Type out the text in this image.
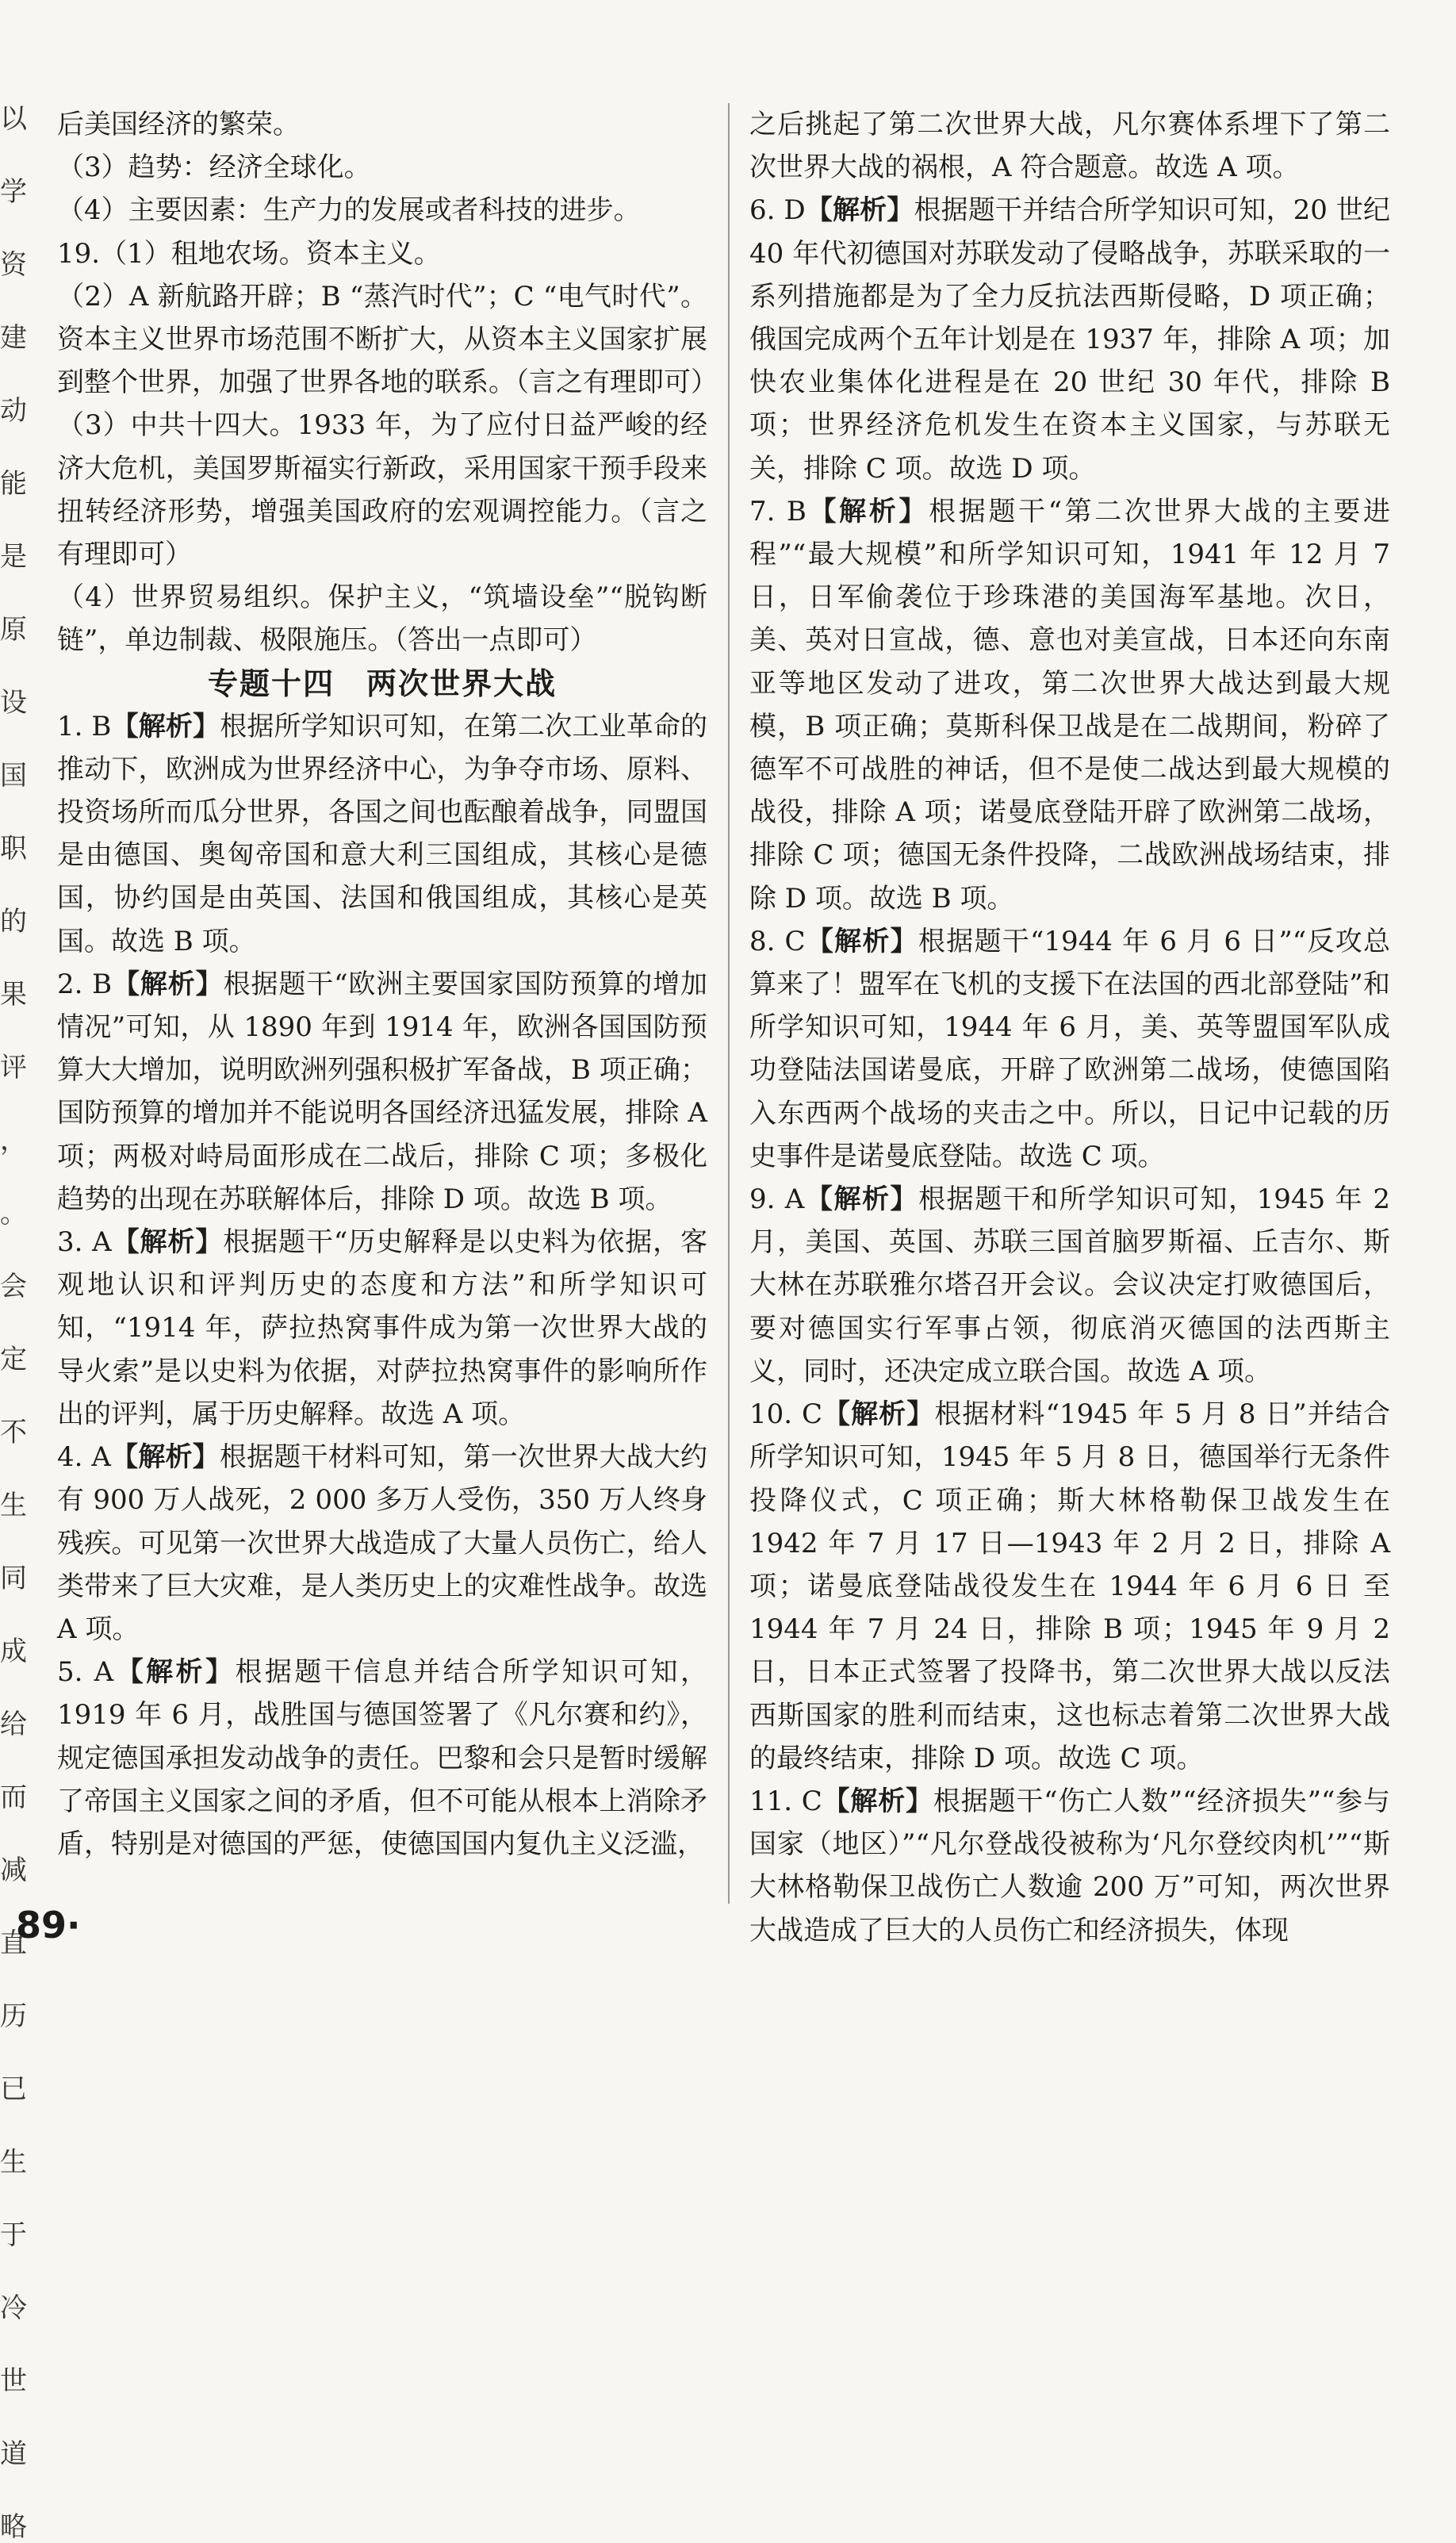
以
学
资
建
动
能
是
原
设
国
职
的
果
评
，
。
会
定
不
生
同
成
给
而
减
直
历
已
生
于
冷
世
道
略

后美国经济的繁荣。

（3）趋势：经济全球化。

（4）主要因素：生产力的发展或者科技的进步。

19.（1）租地农场。资本主义。

（2）A 新航路开辟；B “蒸汽时代”；C “电气时代”。资本主义世界市场范围不断扩大，从资本主义国家扩展到整个世界，加强了世界各地的联系。（言之有理即可）

（3）中共十四大。1933 年，为了应付日益严峻的经济大危机，美国罗斯福实行新政，采用国家干预手段来扭转经济形势，增强美国政府的宏观调控能力。（言之有理即可）

（4）世界贸易组织。保护主义，“筑墙设垒”“脱钩断链”，单边制裁、极限施压。（答出一点即可）

专题十四　两次世界大战

1. B【解析】根据所学知识可知，在第二次工业革命的推动下，欧洲成为世界经济中心，为争夺市场、原料、投资场所而瓜分世界，各国之间也酝酿着战争，同盟国是由德国、奥匈帝国和意大利三国组成，其核心是德国，协约国是由英国、法国和俄国组成，其核心是英国。故选 B 项。

2. B【解析】根据题干“欧洲主要国家国防预算的增加情况”可知，从 1890 年到 1914 年，欧洲各国国防预算大大增加，说明欧洲列强积极扩军备战，B 项正确；国防预算的增加并不能说明各国经济迅猛发展，排除 A 项；两极对峙局面形成在二战后，排除 C 项；多极化趋势的出现在苏联解体后，排除 D 项。故选 B 项。

3. A【解析】根据题干“历史解释是以史料为依据，客观地认识和评判历史的态度和方法”和所学知识可知，“1914 年，萨拉热窝事件成为第一次世界大战的导火索”是以史料为依据，对萨拉热窝事件的影响所作出的评判，属于历史解释。故选 A 项。

4. A【解析】根据题干材料可知，第一次世界大战大约有 900 万人战死，2 000 多万人受伤，350 万人终身残疾。可见第一次世界大战造成了大量人员伤亡，给人类带来了巨大灾难，是人类历史上的灾难性战争。故选 A 项。

5. A【解析】根据题干信息并结合所学知识可知，1919 年 6 月，战胜国与德国签署了《凡尔赛和约》，规定德国承担发动战争的责任。巴黎和会只是暂时缓解了帝国主义国家之间的矛盾，但不可能从根本上消除矛盾，特别是对德国的严惩，使德国国内复仇主义泛滥，

之后挑起了第二次世界大战，凡尔赛体系埋下了第二次世界大战的祸根，A 符合题意。故选 A 项。

6. D【解析】根据题干并结合所学知识可知，20 世纪 40 年代初德国对苏联发动了侵略战争，苏联采取的一系列措施都是为了全力反抗法西斯侵略，D 项正确；俄国完成两个五年计划是在 1937 年，排除 A 项；加快农业集体化进程是在 20 世纪 30 年代，排除 B 项；世界经济危机发生在资本主义国家，与苏联无关，排除 C 项。故选 D 项。

7. B【解析】根据题干“第二次世界大战的主要进程”“最大规模”和所学知识可知，1941 年 12 月 7 日，日军偷袭位于珍珠港的美国海军基地。次日，美、英对日宣战，德、意也对美宣战，日本还向东南亚等地区发动了进攻，第二次世界大战达到最大规模，B 项正确；莫斯科保卫战是在二战期间，粉碎了德军不可战胜的神话，但不是使二战达到最大规模的战役，排除 A 项；诺曼底登陆开辟了欧洲第二战场，排除 C 项；德国无条件投降，二战欧洲战场结束，排除 D 项。故选 B 项。

8. C【解析】根据题干“1944 年 6 月 6 日”“反攻总算来了！盟军在飞机的支援下在法国的西北部登陆”和所学知识可知，1944 年 6 月，美、英等盟国军队成功登陆法国诺曼底，开辟了欧洲第二战场，使德国陷入东西两个战场的夹击之中。所以，日记中记载的历史事件是诺曼底登陆。故选 C 项。

9. A【解析】根据题干和所学知识可知，1945 年 2 月，美国、英国、苏联三国首脑罗斯福、丘吉尔、斯大林在苏联雅尔塔召开会议。会议决定打败德国后，要对德国实行军事占领，彻底消灭德国的法西斯主义，同时，还决定成立联合国。故选 A 项。

10. C【解析】根据材料“1945 年 5 月 8 日”并结合所学知识可知，1945 年 5 月 8 日，德国举行无条件投降仪式，C 项正确；斯大林格勒保卫战发生在 1942 年 7 月 17 日—1943 年 2 月 2 日，排除 A 项；诺曼底登陆战役发生在 1944 年 6 月 6 日 至 1944 年 7 月 24 日，排除 B 项；1945 年 9 月 2 日，日本正式签署了投降书，第二次世界大战以反法西斯国家的胜利而结束，这也标志着第二次世界大战的最终结束，排除 D 项。故选 C 项。

11. C【解析】根据题干“伤亡人数”“经济损失”“参与国家（地区）”“凡尔登战役被称为‘凡尔登绞肉机’”“斯大林格勒保卫战伤亡人数逾 200 万”可知，两次世界大战造成了巨大的人员伤亡和经济损失，体现

89·
